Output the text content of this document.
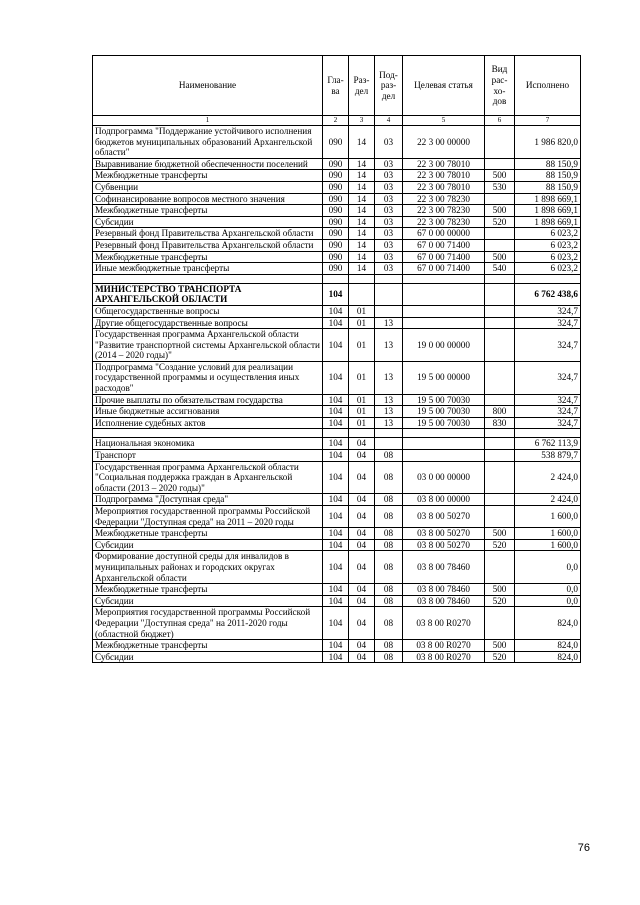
Наименование	Гла-ва	Раз-дел	Под-раз-дел	Целевая статья	Вид рас-хо-дов	Исполнено
1	2	3	4	5	6	7
Подпрограмма "Поддержание устойчивого исполнения бюджетов муниципальных образований Архангельской области"	090	14	03	22 3 00 00000		1 986 820,0
Выравнивание бюджетной обеспеченности поселений	090	14	03	22 3 00 78010		88 150,9
Межбюджетные трансферты	090	14	03	22 3 00 78010	500	88 150,9
Субвенции	090	14	03	22 3 00 78010	530	88 150,9
Софинансирование вопросов местного значения	090	14	03	22 3 00 78230		1 898 669,1
Межбюджетные трансферты	090	14	03	22 3 00 78230	500	1 898 669,1
Субсидии	090	14	03	22 3 00 78230	520	1 898 669,1
Резервный фонд Правительства Архангельской области	090	14	03	67 0 00 00000		6 023,2
Резервный фонд Правительства Архангельской области	090	14	03	67 0 00 71400		6 023,2
Межбюджетные трансферты	090	14	03	67 0 00 71400	500	6 023,2
Иные межбюджетные трансферты	090	14	03	67 0 00 71400	540	6 023,2

МИНИСТЕРСТВО ТРАНСПОРТА АРХАНГЕЛЬСКОЙ ОБЛАСТИ	104					6 762 438,6
Общегосударственные вопросы	104	01				324,7
Другие общегосударственные вопросы	104	01	13			324,7
Государственная программа Архангельской области "Развитие транспортной системы Архангельской области (2014 – 2020 годы)"	104	01	13	19 0 00 00000		324,7
Подпрограмма "Создание условий для реализации государственной программы и осуществления иных расходов"	104	01	13	19 5 00 00000		324,7
Прочие выплаты по обязательствам государства	104	01	13	19 5 00 70030		324,7
Иные бюджетные ассигнования	104	01	13	19 5 00 70030	800	324,7
Исполнение судебных актов	104	01	13	19 5 00 70030	830	324,7

Национальная экономика	104	04				6 762 113,9
Транспорт	104	04	08			538 879,7
Государственная программа Архангельской области "Социальная поддержка граждан в Архангельской области (2013 – 2020 годы)"	104	04	08	03 0 00 00000		2 424,0
Подпрограмма "Доступная среда"	104	04	08	03 8 00 00000		2 424,0
Мероприятия государственной программы Российской Федерации "Доступная среда" на 2011 – 2020 годы	104	04	08	03 8 00 50270		1 600,0
Межбюджетные трансферты	104	04	08	03 8 00 50270	500	1 600,0
Субсидии	104	04	08	03 8 00 50270	520	1 600,0
Формирование доступной среды для инвалидов в муниципальных районах и городских округах Архангельской области	104	04	08	03 8 00 78460		0,0
Межбюджетные трансферты	104	04	08	03 8 00 78460	500	0,0
Субсидии	104	04	08	03 8 00 78460	520	0,0
Мероприятия государственной программы Российской Федерации "Доступная среда" на 2011-2020 годы (областной бюджет)	104	04	08	03 8 00 R0270		824,0
Межбюджетные трансферты	104	04	08	03 8 00 R0270	500	824,0
Субсидии	104	04	08	03 8 00 R0270	520	824,0
76
